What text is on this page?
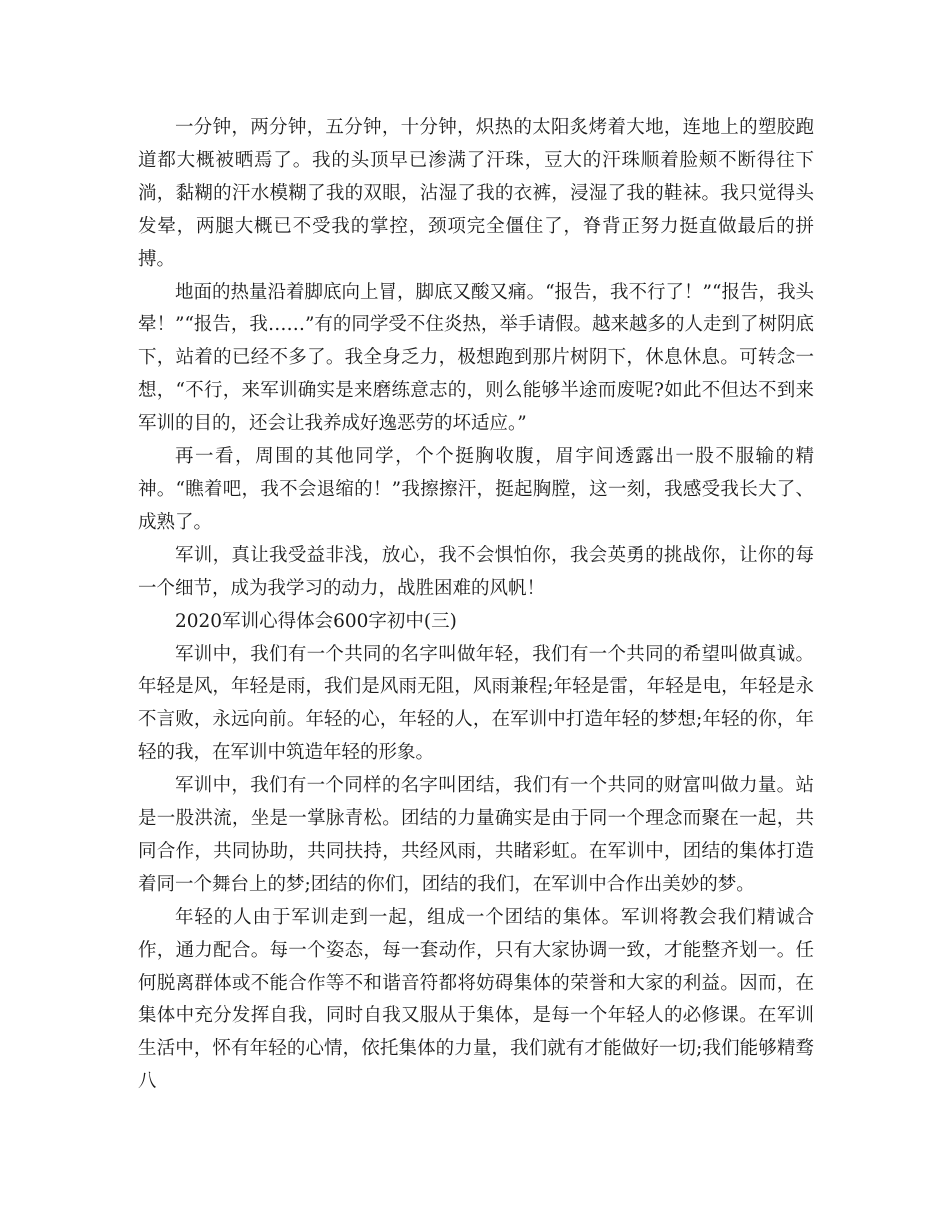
一分钟，两分钟，五分钟，十分钟，炽热的太阳炙烤着大地，连地上的塑胶跑道都大概被晒焉了。我的头顶早已渗满了汗珠，豆大的汗珠顺着脸颊不断得往下淌，黏糊的汗水模糊了我的双眼，沾湿了我的衣裤，浸湿了我的鞋袜。我只觉得头发晕，两腿大概已不受我的掌控，颈项完全僵住了，脊背正努力挺直做最后的拼搏。

地面的热量沿着脚底向上冒，脚底又酸又痛。“报告，我不行了！”“报告，我头晕！”“报告，我……”有的同学受不住炎热，举手请假。越来越多的人走到了树阴底下，站着的已经不多了。我全身乏力，极想跑到那片树阴下，休息休息。可转念一想，“不行，来军训确实是来磨练意志的，则么能够半途而废呢?如此不但达不到来军训的目的，还会让我养成好逸恶劳的坏适应。”

再一看，周围的其他同学，个个挺胸收腹，眉宇间透露出一股不服输的精神。“瞧着吧，我不会退缩的！”我擦擦汗，挺起胸膛，这一刻，我感受我长大了、成熟了。

军训，真让我受益非浅，放心，我不会惧怕你，我会英勇的挑战你，让你的每一个细节，成为我学习的动力，战胜困难的风帆！

2020军训心得体会600字初中(三)

军训中，我们有一个共同的名字叫做年轻，我们有一个共同的希望叫做真诚。年轻是风，年轻是雨，我们是风雨无阻，风雨兼程;年轻是雷，年轻是电，年轻是永不言败，永远向前。年轻的心，年轻的人，在军训中打造年轻的梦想;年轻的你，年轻的我，在军训中筑造年轻的形象。

军训中，我们有一个同样的名字叫团结，我们有一个共同的财富叫做力量。站是一股洪流，坐是一掌脉青松。团结的力量确实是由于同一个理念而聚在一起，共同合作，共同协助，共同扶持，共经风雨，共睹彩虹。在军训中，团结的集体打造着同一个舞台上的梦;团结的你们，团结的我们，在军训中合作出美妙的梦。

年轻的人由于军训走到一起，组成一个团结的集体。军训将教会我们精诚合作，通力配合。每一个姿态，每一套动作，只有大家协调一致，才能整齐划一。任何脱离群体或不能合作等不和谐音符都将妨碍集体的荣誉和大家的利益。因而，在集体中充分发挥自我，同时自我又服从于集体，是每一个年轻人的必修课。在军训生活中，怀有年轻的心情，依托集体的力量，我们就有才能做好一切;我们能够精骛八
